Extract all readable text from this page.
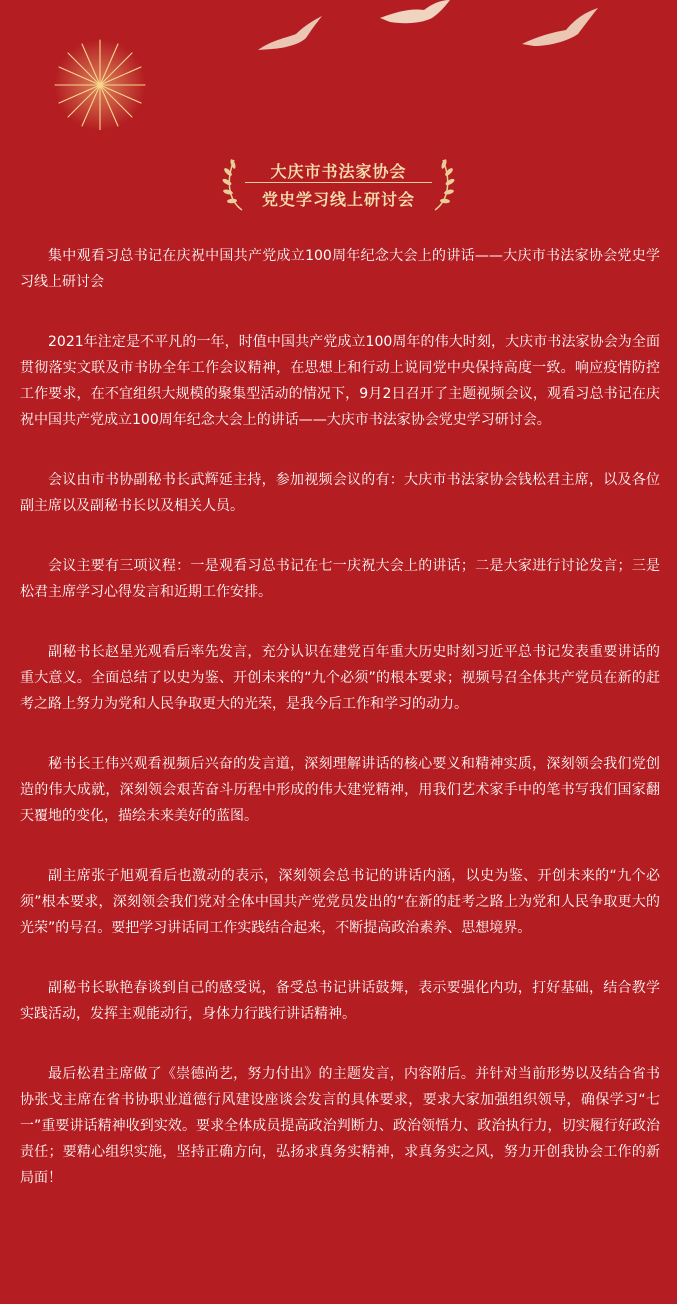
大庆市书法家协会
党史学习线上研讨会

集中观看习总书记在庆祝中国共产党成立100周年纪念大会上的讲话——大庆市书法家协会党史学习线上研讨会

2021年注定是不平凡的一年，时值中国共产党成立100周年的伟大时刻，大庆市书法家协会为全面贯彻落实文联及市书协全年工作会议精神，在思想上和行动上说同党中央保持高度一致。响应疫情防控工作要求，在不宜组织大规模的聚集型活动的情况下，9月2日召开了主题视频会议，观看习总书记在庆祝中国共产党成立100周年纪念大会上的讲话——大庆市书法家协会党史学习研讨会。

会议由市书协副秘书长武辉延主持，参加视频会议的有：大庆市书法家协会钱松君主席，以及各位副主席以及副秘书长以及相关人员。

会议主要有三项议程：一是观看习总书记在七一庆祝大会上的讲话；二是大家进行讨论发言；三是松君主席学习心得发言和近期工作安排。

副秘书长赵星光观看后率先发言，充分认识在建党百年重大历史时刻习近平总书记发表重要讲话的重大意义。全面总结了以史为鉴、开创未来的“九个必须”的根本要求；视频号召全体共产党员在新的赶考之路上努力为党和人民争取更大的光荣，是我今后工作和学习的动力。

秘书长王伟兴观看视频后兴奋的发言道，深刻理解讲话的核心要义和精神实质，深刻领会我们党创造的伟大成就，深刻领会艰苦奋斗历程中形成的伟大建党精神，用我们艺术家手中的笔书写我们国家翻天覆地的变化，描绘未来美好的蓝图。

副主席张子旭观看后也激动的表示，深刻领会总书记的讲话内涵，以史为鉴、开创未来的“九个必须”根本要求，深刻领会我们党对全体中国共产党党员发出的“在新的赶考之路上为党和人民争取更大的光荣”的号召。要把学习讲话同工作实践结合起来，不断提高政治素养、思想境界。

副秘书长耿艳春谈到自己的感受说，备受总书记讲话鼓舞，表示要强化内功，打好基础，结合教学实践活动，发挥主观能动行，身体力行践行讲话精神。

最后松君主席做了《崇德尚艺，努力付出》的主题发言，内容附后。并针对当前形势以及结合省书协张戈主席在省书协职业道德行风建设座谈会发言的具体要求，要求大家加强组织领导，确保学习“七一”重要讲话精神收到实效。要求全体成员提高政治判断力、政治领悟力、政治执行力，切实履行好政治责任；要精心组织实施，坚持正确方向，弘扬求真务实精神，求真务实之风，努力开创我协会工作的新局面！
